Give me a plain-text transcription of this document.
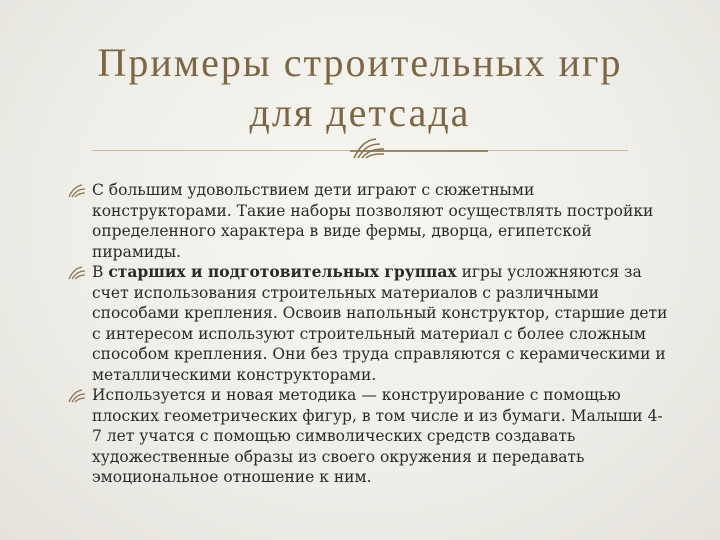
Примеры строительных игр
для детсада
С большим удовольствием дети играют с сюжетными конструкторами. Такие наборы позволяют осуществлять постройки определенного характера в виде фермы, дворца, египетской пирамиды.
В старших и подготовительных группах игры усложняются за счет использования строительных материалов с различными способами крепления. Освоив напольный конструктор, старшие дети с интересом используют строительный материал с более сложным способом крепления. Они без труда справляются с керамическими и металлическими конструкторами.
Используется и новая методика — конструирование с помощью плоских геометрических фигур, в том числе и из бумаги. Малыши 4-7 лет учатся с помощью символических средств создавать художественные образы из своего окружения и передавать эмоциональное отношение к ним.
